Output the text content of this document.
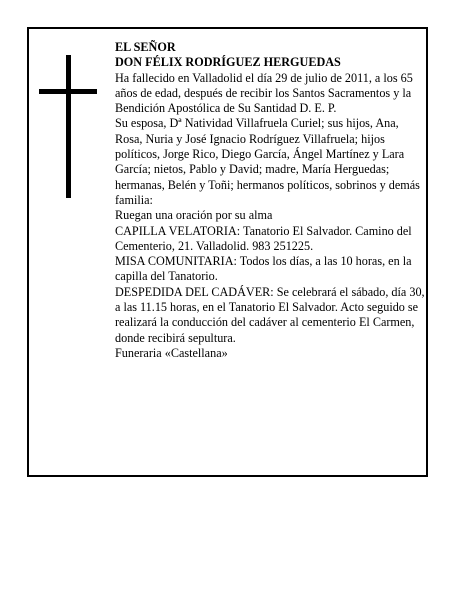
EL SEÑOR

DON FÉLIX RODRÍGUEZ HERGUEDAS

Ha fallecido en Valladolid el día 29 de julio de 2011, a los 65 años de edad, después de recibir los Santos Sacramentos y la Bendición Apostólica de Su Santidad D. E. P.

Su esposa, Dª Natividad Villafruela Curiel; sus hijos, Ana, Rosa, Nuria y José Ignacio Rodríguez Villafruela; hijos políticos, Jorge Rico, Diego García, Ángel Martínez y Lara García; nietos, Pablo y David; madre, María Herguedas; hermanas, Belén y Toñi; hermanos políticos, sobrinos y demás familia:

Ruegan una oración por su alma

CAPILLA VELATORIA: Tanatorio El Salvador. Camino del Cementerio, 21. Valladolid. 983 251225.

MISA COMUNITARIA: Todos los días, a las 10 horas, en la capilla del Tanatorio.

DESPEDIDA DEL CADÁVER: Se celebrará el sábado, día 30, a las 11.15 horas, en el Tanatorio El Salvador. Acto seguido se realizará la conducción del cadáver al cementerio El Carmen, donde recibirá sepultura.

Funeraria «Castellana»
